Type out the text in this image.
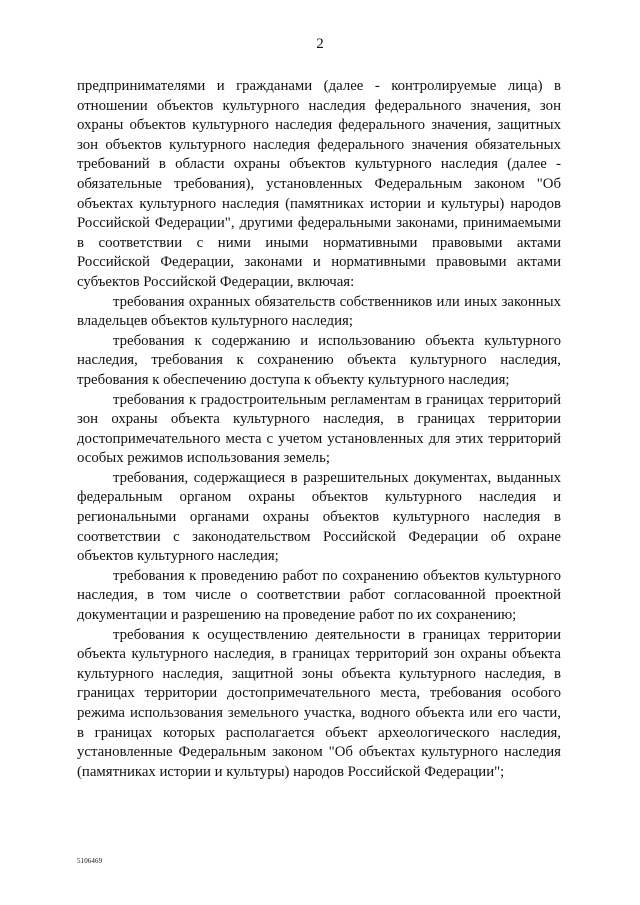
2

предпринимателями и гражданами (далее - контролируемые лица) в отношении объектов культурного наследия федерального значения, зон охраны объектов культурного наследия федерального значения, защитных зон объектов культурного наследия федерального значения обязательных требований в области охраны объектов культурного наследия (далее - обязательные требования), установленных Федеральным законом "Об объектах культурного наследия (памятниках истории и культуры) народов Российской Федерации", другими федеральными законами, принимаемыми в соответствии с ними иными нормативными правовыми актами Российской Федерации, законами и нормативными правовыми актами субъектов Российской Федерации, включая:

требования охранных обязательств собственников или иных законных владельцев объектов культурного наследия;

требования к содержанию и использованию объекта культурного наследия, требования к сохранению объекта культурного наследия, требования к обеспечению доступа к объекту культурного наследия;

требования к градостроительным регламентам в границах территорий зон охраны объекта культурного наследия, в границах территории достопримечательного места с учетом установленных для этих территорий особых режимов использования земель;

требования, содержащиеся в разрешительных документах, выданных федеральным органом охраны объектов культурного наследия и региональными органами охраны объектов культурного наследия в соответствии с законодательством Российской Федерации об охране объектов культурного наследия;

требования к проведению работ по сохранению объектов культурного наследия, в том числе о соответствии работ согласованной проектной документации и разрешению на проведение работ по их сохранению;

требования к осуществлению деятельности в границах территории объекта культурного наследия, в границах территорий зон охраны объекта культурного наследия, защитной зоны объекта культурного наследия, в границах территории достопримечательного места, требования особого режима использования земельного участка, водного объекта или его части, в границах которых располагается объект археологического наследия, установленные Федеральным законом "Об объектах культурного наследия (памятниках истории и культуры) народов Российской Федерации";

5106469
